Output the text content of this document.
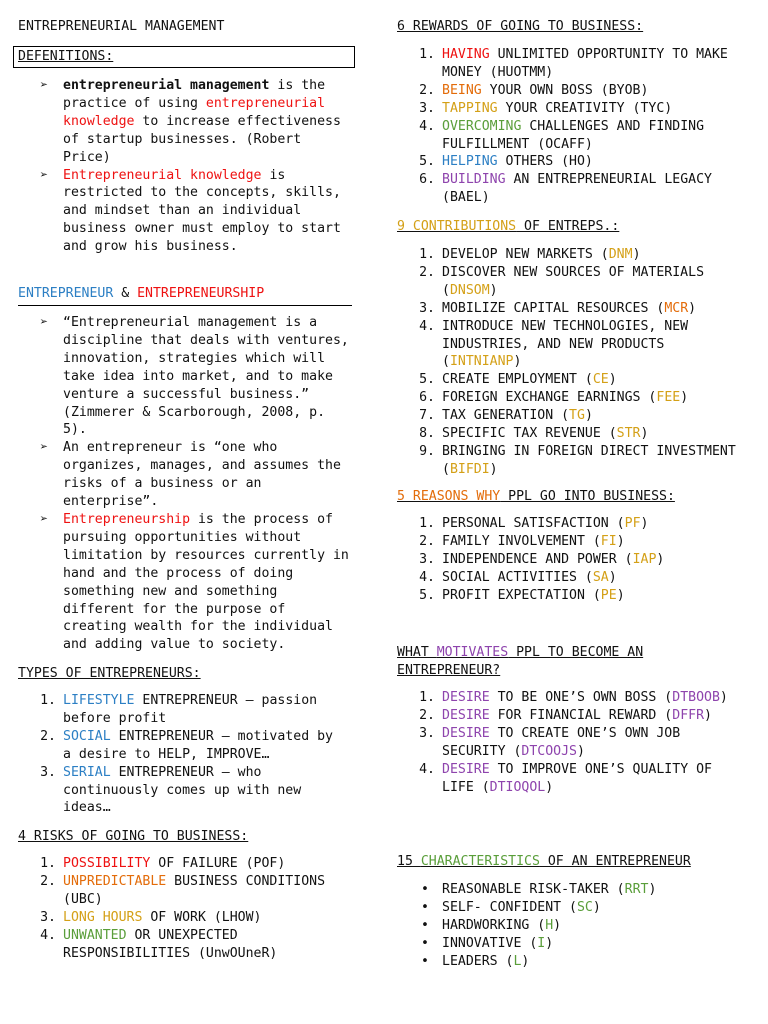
ENTREPRENEURIAL MANAGEMENT
DEFENITIONS:
➢ entrepreneurial management is the practice of using entrepreneurial knowledge to increase effectiveness of startup businesses. (Robert Price)
➢ Entrepreneurial knowledge is restricted to the concepts, skills, and mindset than an individual business owner must employ to start and grow his business.
ENTREPRENEUR & ENTREPRENEURSHIP
➢ “Entrepreneurial management is a discipline that deals with ventures, innovation, strategies which will take idea into market, and to make venture a successful business.” (Zimmerer & Scarborough, 2008, p. 5).
➢ An entrepreneur is “one who organizes, manages, and assumes the risks of a business or an enterprise”.
➢ Entrepreneurship is the process of pursuing opportunities without limitation by resources currently in hand and the process of doing something new and something different for the purpose of creating wealth for the individual and adding value to society.
TYPES OF ENTREPRENEURS:
1. LIFESTYLE ENTREPRENEUR – passion before profit
2. SOCIAL ENTREPRENEUR – motivated by a desire to HELP, IMPROVE…
3. SERIAL ENTREPRENEUR – who continuously comes up with new ideas…
4 RISKS OF GOING TO BUSINESS:
1. POSSIBILITY OF FAILURE (POF)
2. UNPREDICTABLE BUSINESS CONDITIONS (UBC)
3. LONG HOURS OF WORK (LHOW)
4. UNWANTED OR UNEXPECTED RESPONSIBILITIES (UnwOUneR)
6 REWARDS OF GOING TO BUSINESS:
1. HAVING UNLIMITED OPPORTUNITY TO MAKE MONEY (HUOTMM)
2. BEING YOUR OWN BOSS (BYOB)
3. TAPPING YOUR CREATIVITY (TYC)
4. OVERCOMING CHALLENGES AND FINDING FULFILLMENT (OCAFF)
5. HELPING OTHERS (HO)
6. BUILDING AN ENTREPRENEURIAL LEGACY (BAEL)
9 CONTRIBUTIONS OF ENTREPS.:
1. DEVELOP NEW MARKETS (DNM)
2. DISCOVER NEW SOURCES OF MATERIALS (DNSOM)
3. MOBILIZE CAPITAL RESOURCES (MCR)
4. INTRODUCE NEW TECHNOLOGIES, NEW INDUSTRIES, AND NEW PRODUCTS (INTNIANP)
5. CREATE EMPLOYMENT (CE)
6. FOREIGN EXCHANGE EARNINGS (FEE)
7. TAX GENERATION (TG)
8. SPECIFIC TAX REVENUE (STR)
9. BRINGING IN FOREIGN DIRECT INVESTMENT (BIFDI)
5 REASONS WHY PPL GO INTO BUSINESS:
1. PERSONAL SATISFACTION (PF)
2. FAMILY INVOLVEMENT (FI)
3. INDEPENDENCE AND POWER (IAP)
4. SOCIAL ACTIVITIES (SA)
5. PROFIT EXPECTATION (PE)
WHAT MOTIVATES PPL TO BECOME AN
ENTREPRENEUR?
1. DESIRE TO BE ONE’S OWN BOSS (DTBOOB)
2. DESIRE FOR FINANCIAL REWARD (DFFR)
3. DESIRE TO CREATE ONE’S OWN JOB SECURITY (DTCOOJS)
4. DESIRE TO IMPROVE ONE’S QUALITY OF LIFE (DTIOQOL)
15 CHARACTERISTICS OF AN ENTREPRENEUR
• REASONABLE RISK-TAKER (RRT)
• SELF- CONFIDENT (SC)
• HARDWORKING (H)
• INNOVATIVE (I)
• LEADERS (L)
